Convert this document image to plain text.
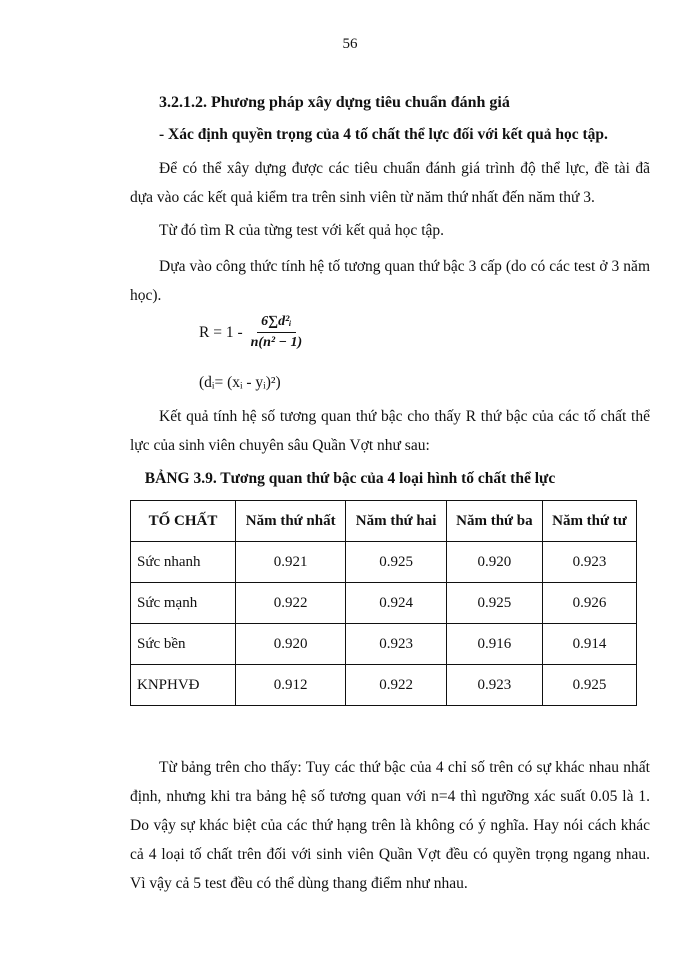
56
3.2.1.2. Phương pháp xây dựng tiêu chuẩn đánh giá
- Xác định quyền trọng của 4 tố chất thể lực đối với kết quả học tập.
Để có thể xây dựng được các tiêu chuẩn đánh giá trình độ thể lực, đề tài đã dựa vào các kết quả kiểm tra trên sinh viên từ năm thứ nhất đến năm thứ 3.
Từ đó tìm R của từng test với kết quả học tập.
Dựa vào công thức tính hệ tố tương quan thứ bậc 3 cấp (do có các test ở 3 năm học).
$R = 1 - \frac{\text{6∑d²ᵢ}}{\text{n(n² − 1)}}$
(dᵢ= (xᵢ - yᵢ)²)
Kết quả tính hệ số tương quan thứ bậc cho thấy R thứ bậc của các tố chất thể lực của sinh viên chuyên sâu Quần Vợt như sau:
BẢNG 3.9. Tương quan thứ bậc của 4 loại hình tố chất thể lực
TỐ CHẤT	Năm thứ nhất	Năm thứ hai	Năm thứ ba	Năm thứ tư
Sức nhanh	0.921	0.925	0.920	0.923
Sức mạnh	0.922	0.924	0.925	0.926
Sức bền	0.920	0.923	0.916	0.914
KNPHVĐ	0.912	0.922	0.923	0.925
Từ bảng trên cho thấy: Tuy các thứ bậc của 4 chỉ số trên có sự khác nhau nhất định, nhưng khi tra bảng hệ số tương quan với n=4 thì ngưỡng xác suất 0.05 là 1. Do vậy sự khác biệt của các thứ hạng trên là không có ý nghĩa. Hay nói cách khác cả 4 loại tố chất trên đối với sinh viên Quần Vợt đều có quyền trọng ngang nhau. Vì vậy cả 5 test đều có thể dùng thang điểm như nhau.
